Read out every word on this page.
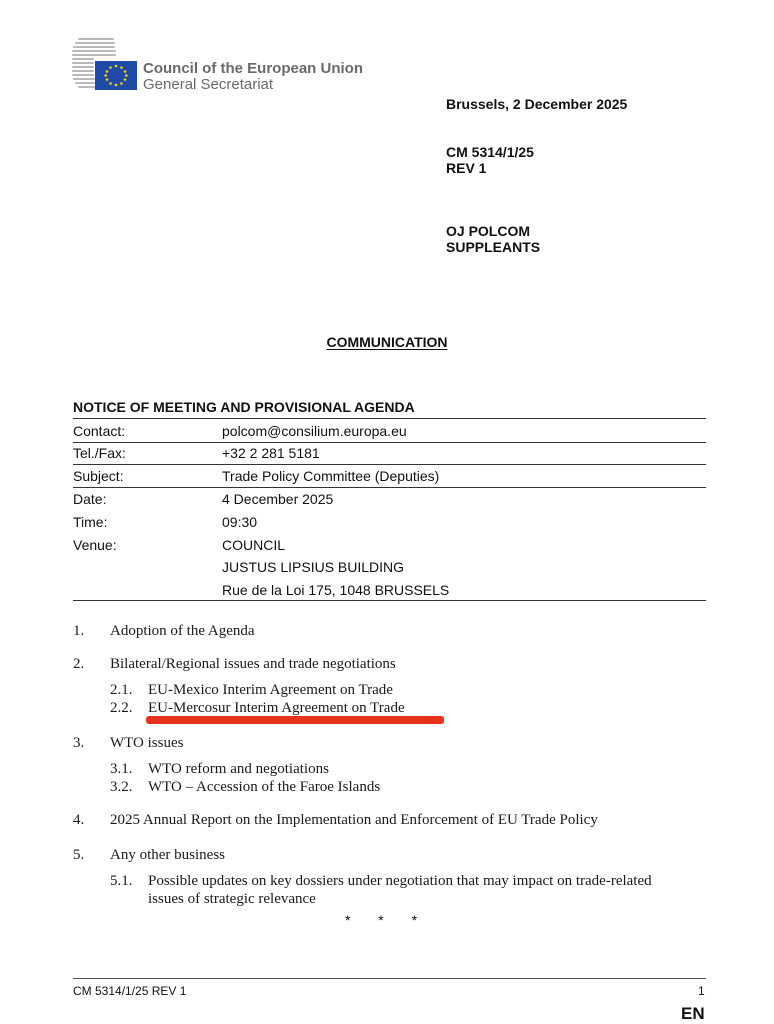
Council of the European Union
General Secretariat
Brussels, 2 December 2025
CM 5314/1/25
REV 1
OJ POLCOM
SUPPLEANTS
COMMUNICATION
NOTICE OF MEETING AND PROVISIONAL AGENDA
Contact:	polcom@consilium.europa.eu
Tel./Fax:	+32 2 281 5181
Subject:	Trade Policy Committee (Deputies)
Date:	4 December 2025
Time:	09:30
Venue:	COUNCIL
JUSTUS LIPSIUS BUILDING
Rue de la Loi 175, 1048 BRUSSELS
1. Adoption of the Agenda
2. Bilateral/Regional issues and trade negotiations
2.1. EU-Mexico Interim Agreement on Trade
2.2. EU-Mercosur Interim Agreement on Trade
3. WTO issues
3.1. WTO reform and negotiations
3.2. WTO – Accession of the Faroe Islands
4. 2025 Annual Report on the Implementation and Enforcement of EU Trade Policy
5. Any other business
5.1. Possible updates on key dossiers under negotiation that may impact on trade-related
issues of strategic relevance
* * *
CM 5314/1/25 REV 1	1
EN
